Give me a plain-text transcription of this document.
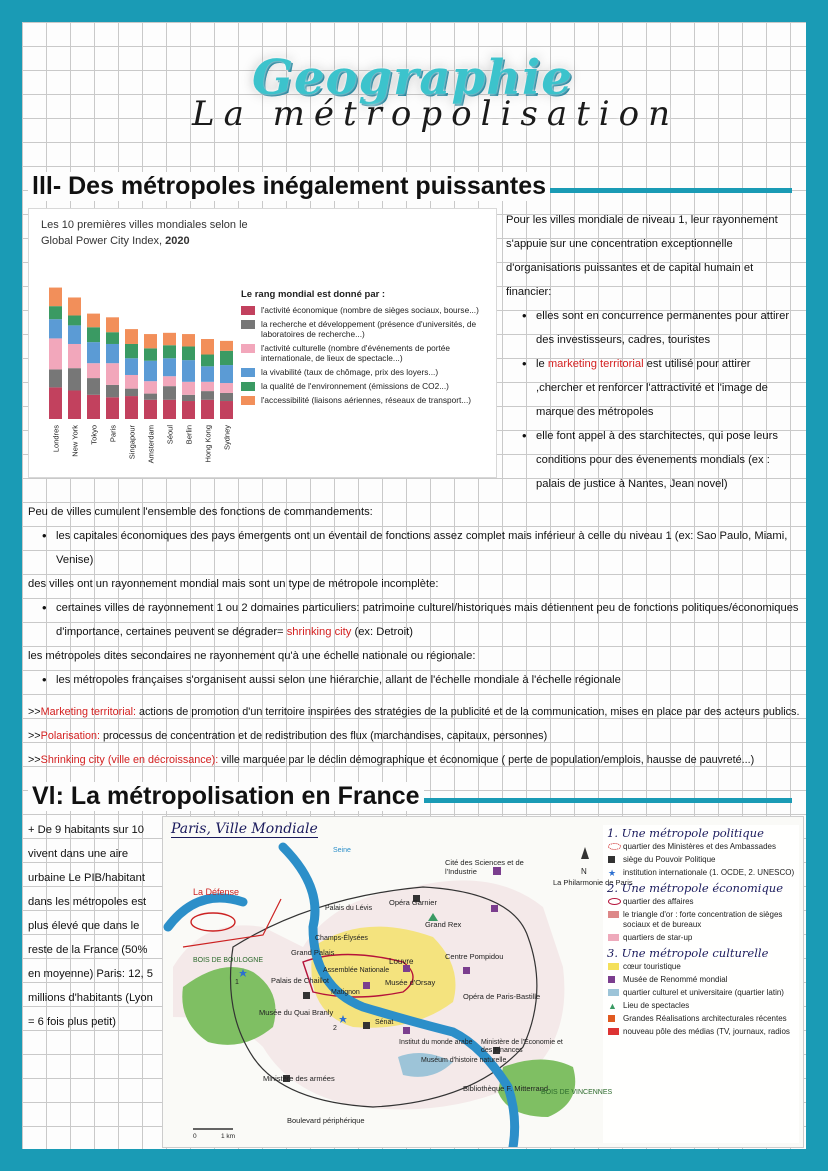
Geographie
La métropolisation
lll- Des métropoles inégalement puissantes
Les 10 premières villes mondiales selon le Global Power City Index, 2020
Londres New York Tokyo Paris Singapour Amsterdam Séoul Berlin Hong Kong Sydney
Le rang mondial est donné par :
l'activité économique (nombre de sièges sociaux, bourse...)
la recherche et développement (présence d'universités, de laboratoires de recherche...)
l'activité culturelle (nombre d'événements de portée internationale, de lieux de spectacle...)
la vivabilité (taux de chômage, prix des loyers...)
la qualité de l'environnement (émissions de CO2...)
l'accessibilité (liaisons aériennes, réseaux de transport...)
Pour les villes mondiale de niveau 1, leur rayonnement s'appuie sur une concentration exceptionnelle d'organisations puissantes et de capital humain et financier:
• elles sont en concurrence permanentes pour attirer des investisseurs, cadres, touristes
• le marketing territorial est utilisé pour attirer ,chercher et renforcer l'attractivité et l'image de marque des métropoles
• elle font appel à des starchitectes, qui pose leurs conditions pour des évenements mondials (ex : palais de justice à Nantes, Jean novel)
Peu de villes cumulent l'ensemble des fonctions de commandements:
• les capitales économiques des pays émergents ont un éventail de fonctions assez complet mais inférieur à celle du niveau 1 (ex: Sao Paulo, Miami, Venise)
des villes ont un rayonnement mondial mais sont un type de métropole incomplète:
• certaines villes de rayonnement 1 ou 2 domaines particuliers: patrimoine culturel/historiques mais détiennent peu de fonctions politiques/économiques d'importance, certaines peuvent se dégrader= shrinking city (ex: Detroit)
les métropoles dites secondaires ne rayonnement qu'à une échelle nationale ou régionale:
• les métropoles françaises s'organisent aussi selon une hiérarchie, allant de l'échelle mondiale à l'échelle régionale
>>Marketing territorial: actions de promotion d'un territoire inspirées des stratégies de la publicité et de la communication, mises en place par des acteurs publics.
>>Polarisation: processus de concentration et de redistribution des flux (marchandises, capitaux, personnes)
>>Shrinking city (ville en décroissance): ville marquée par le déclin démographique et économique ( perte de population/emplois, hausse de pauvreté...)
Vl: La métropolisation en France
+ De 9 habitants sur 10 vivent dans une aire urbaine Le PIB/habitant dans les métropoles est plus élevé que dans le reste de la France (50% en moyenne) Paris: 12, 5 millions d'habitants (Lyon = 6 fois plus petit)
La Défense
Cité des Sciences et de l'Industrie
La Philarmonie de Paris
Palais du Lévis
Opéra Garnier
Grand Rex
Champs-Élysées
Louvre
Centre Pompidou
Grand Palais
Assemblée Nationale
Musée d'Orsay
Opéra de Paris-Bastille
Palais de Chaillot
Matignon
Musée du Quai Branly
Sénat
Institut du monde arabe
Muséum d'histoire naturelle
Ministère de l'Économie et des Finances
Ministère des armées
Bibliothèque F. Mitterrand
BOIS DE BOULOGNE
BOIS DE VINCENNES
Seine
Boulevard périphérique
N
0	1 km
1
2
Paris, Ville Mondiale	1. Une métropole politique
quartier des Ministères et des Ambassades
siège du Pouvoir Politique
★ institution internationale (1. OCDE, 2. UNESCO)
2. Une métropole économique
quartier des affaires
le triangle d'or : forte concentration de sièges sociaux et de bureaux
quartiers de star-up
3. Une métropole culturelle
cœur touristique
Musée de Renommé mondial
quartier culturel et universitaire (quartier latin)
▲ Lieu de spectacles
Grandes Réalisations architecturales récentes
nouveau pôle des médias (TV, journaux, radios
